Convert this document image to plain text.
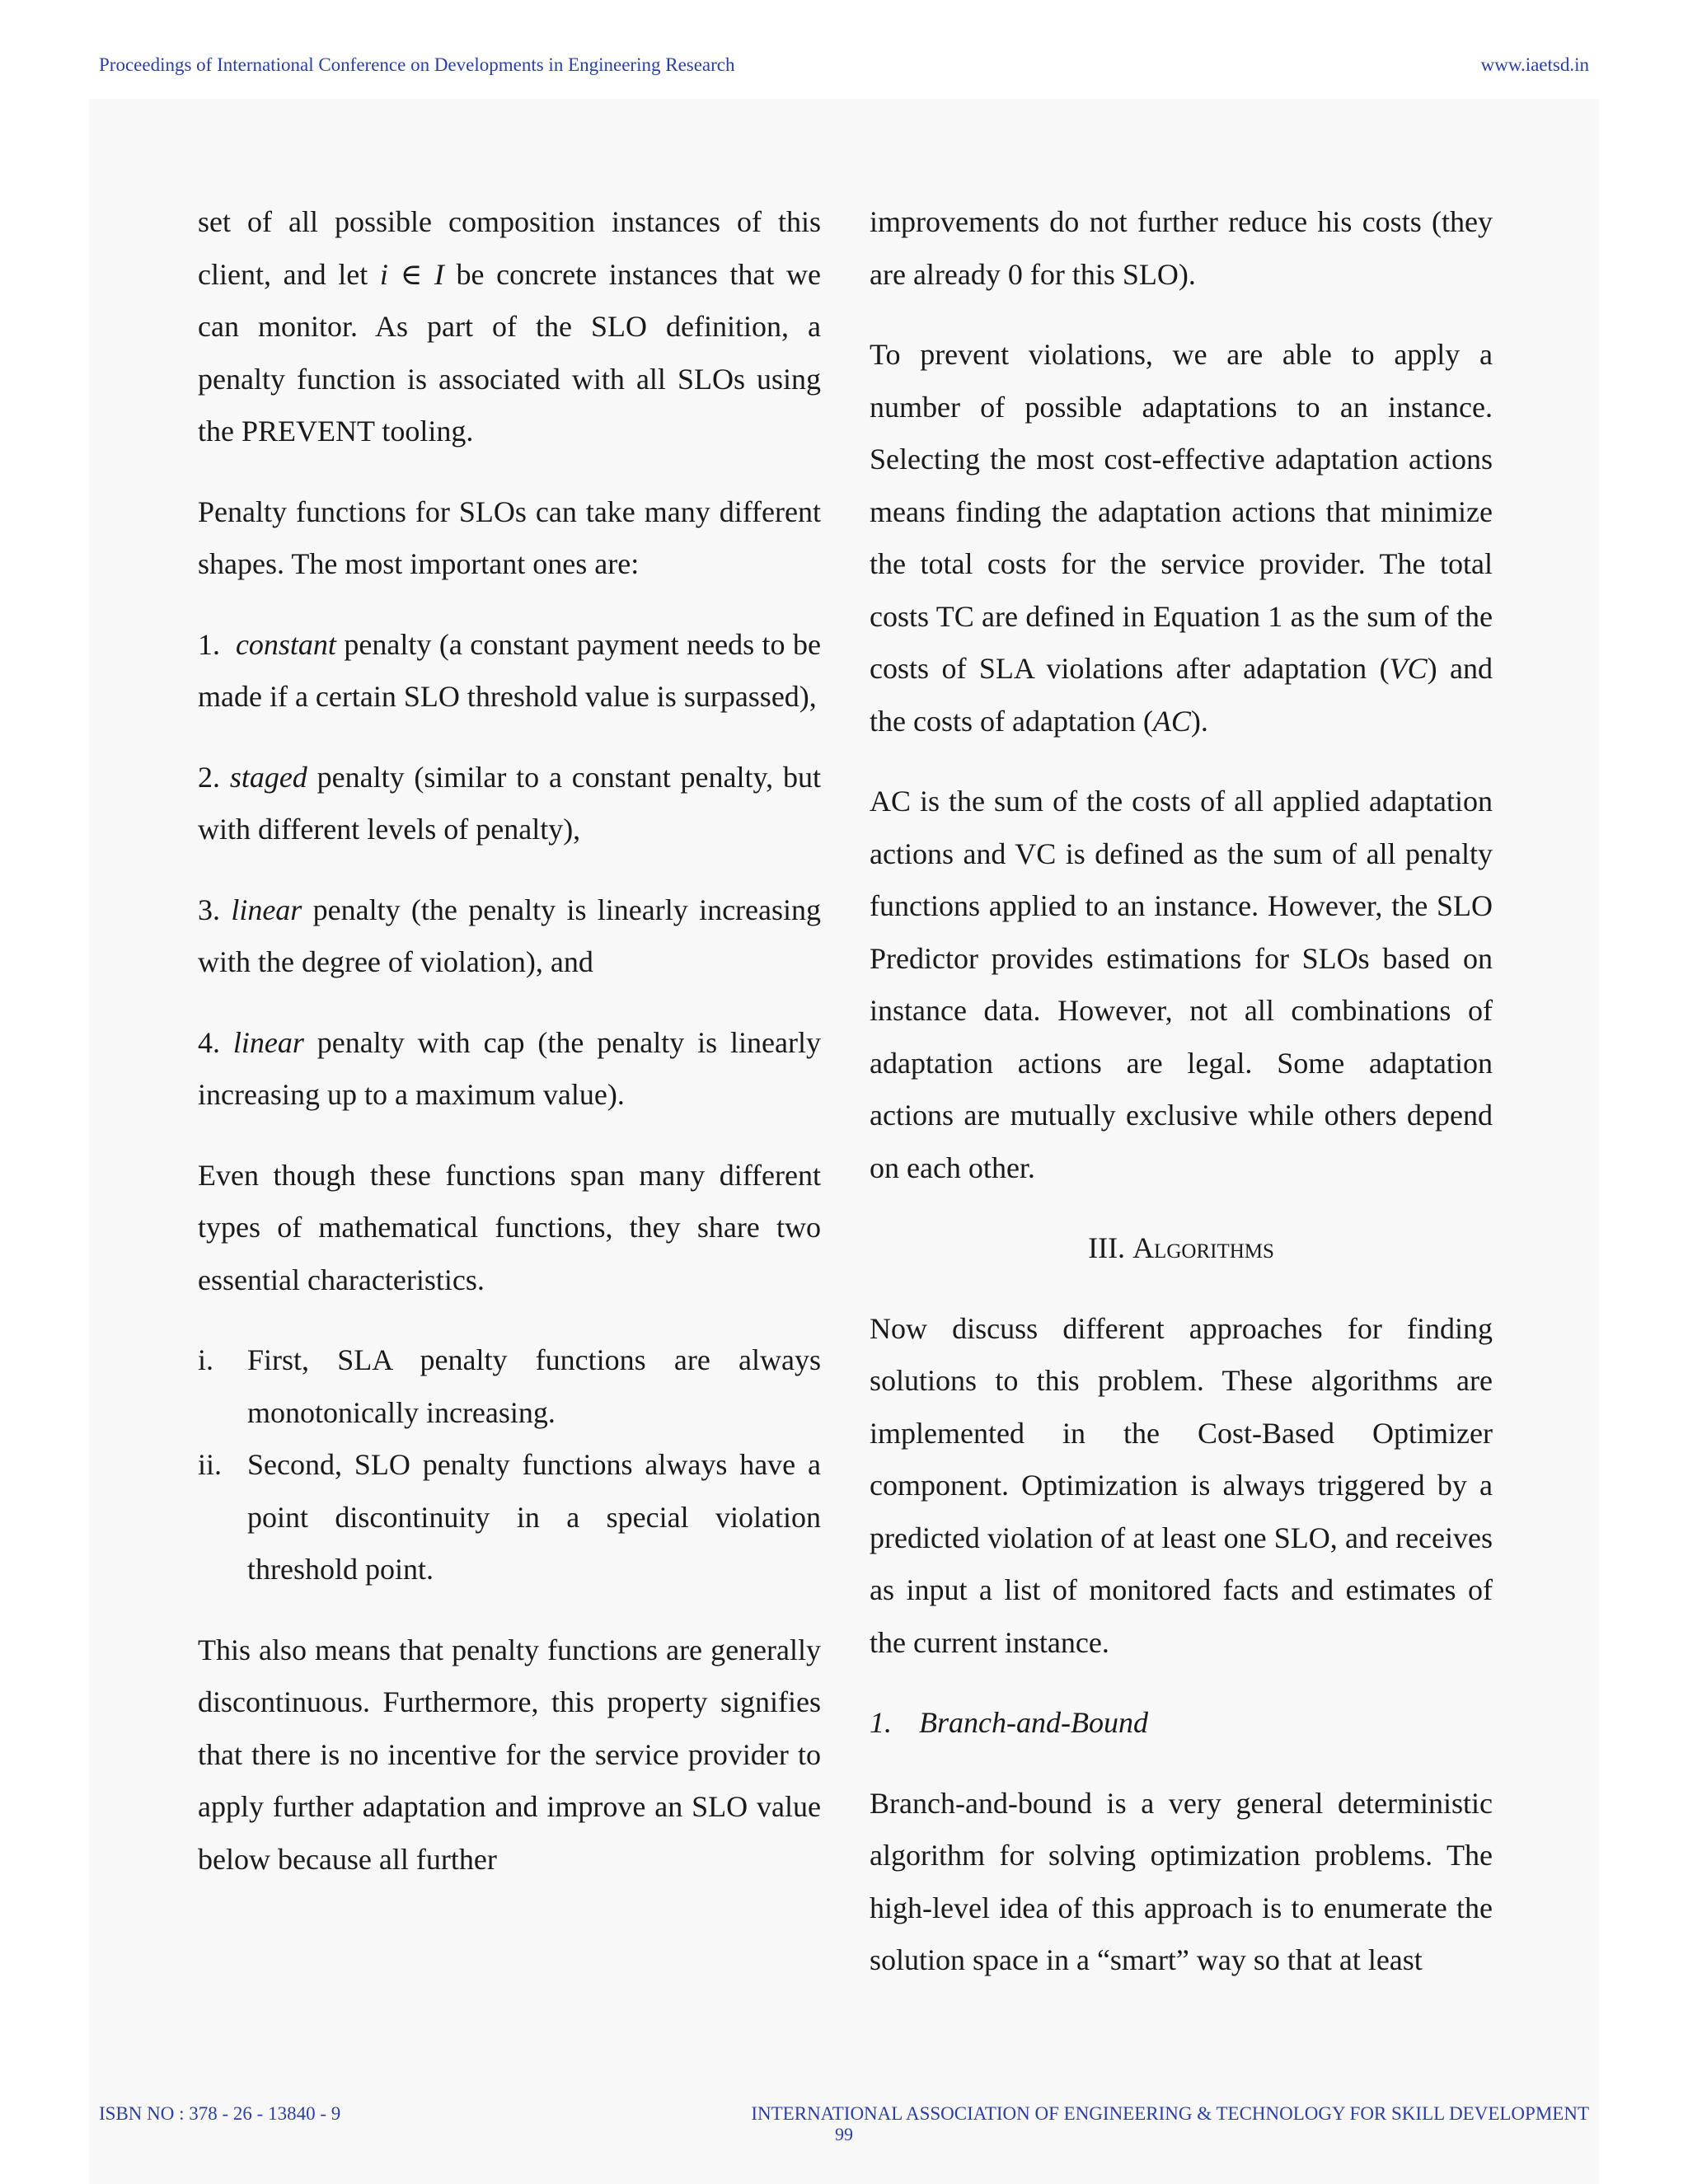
Proceedings of International Conference on Developments in Engineering Research	www.iaetsd.in

set of all possible composition instances of this client, and let i ∈ I be concrete instances that we can monitor. As part of the SLO definition, a penalty function is associated with all SLOs using the PREVENT tooling.

Penalty functions for SLOs can take many different shapes. The most important ones are:

1. constant penalty (a constant payment needs to be made if a certain SLO threshold value is surpassed),

2. staged penalty (similar to a constant penalty, but with different levels of penalty),

3. linear penalty (the penalty is linearly increasing with the degree of violation), and

4. linear penalty with cap (the penalty is linearly increasing up to a maximum value).

Even though these functions span many different types of mathematical functions, they share two essential characteristics.

i. First, SLA penalty functions are always monotonically increasing.
ii. Second, SLO penalty functions always have a point discontinuity in a special violation threshold point.

This also means that penalty functions are generally discontinuous. Furthermore, this property signifies that there is no incentive for the service provider to apply further adaptation and improve an SLO value below because all further

improvements do not further reduce his costs (they are already 0 for this SLO).

To prevent violations, we are able to apply a number of possible adaptations to an instance. Selecting the most cost-effective adaptation actions means finding the adaptation actions that minimize the total costs for the service provider. The total costs TC are defined in Equation 1 as the sum of the costs of SLA violations after adaptation (VC) and the costs of adaptation (AC).

AC is the sum of the costs of all applied adaptation actions and VC is defined as the sum of all penalty functions applied to an instance. However, the SLO Predictor provides estimations for SLOs based on instance data. However, not all combinations of adaptation actions are legal. Some adaptation actions are mutually exclusive while others depend on each other.

III. Algorithms

Now discuss different approaches for finding solutions to this problem. These algorithms are implemented in the Cost-Based Optimizer component. Optimization is always triggered by a predicted violation of at least one SLO, and receives as input a list of monitored facts and estimates of the current instance.

1. Branch-and-Bound

Branch-and-bound is a very general deterministic algorithm for solving optimization problems. The high-level idea of this approach is to enumerate the solution space in a “smart” way so that at least

ISBN NO : 378 - 26 - 13840 - 9	INTERNATIONAL ASSOCIATION OF ENGINEERING & TECHNOLOGY FOR SKILL DEVELOPMENT
99
